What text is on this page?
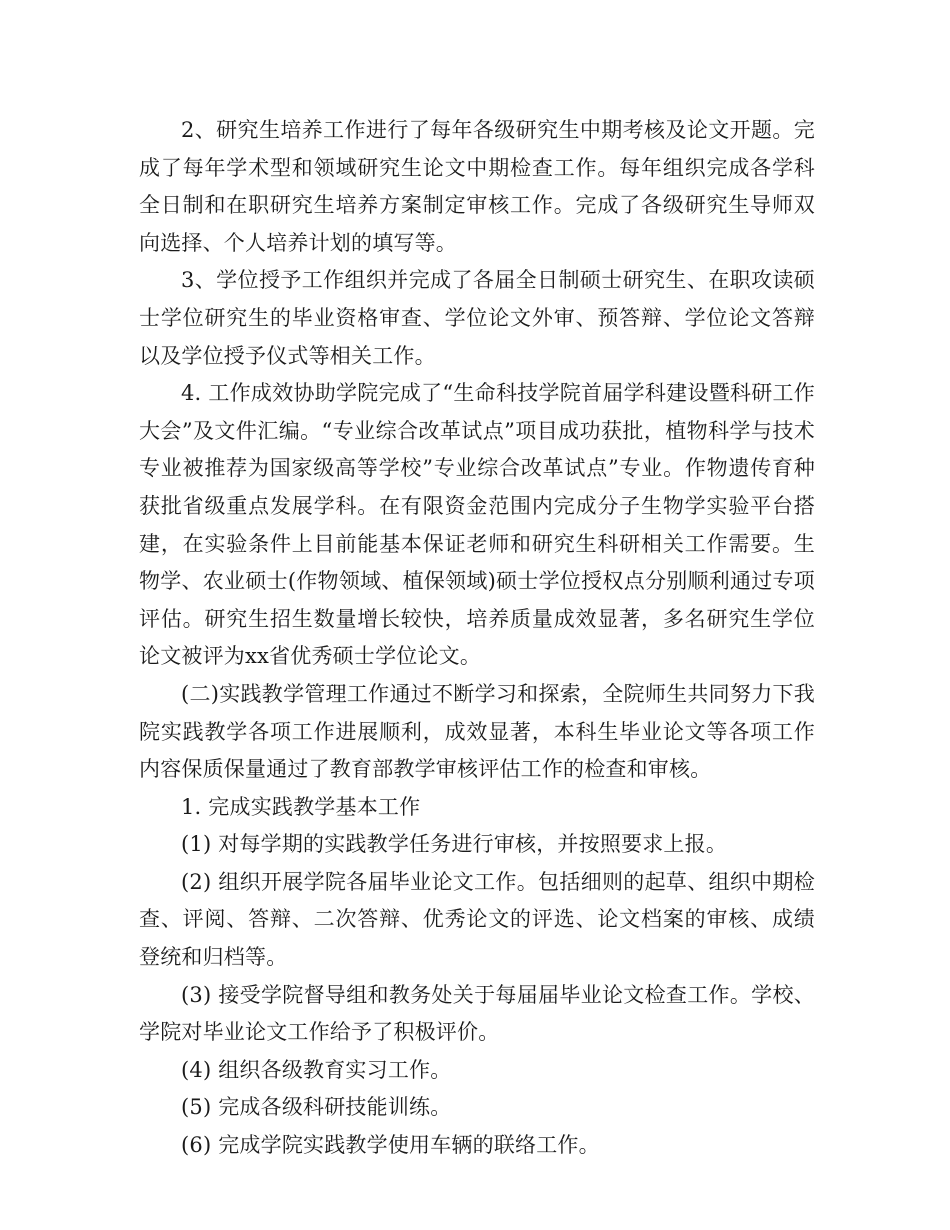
2、研究生培养工作进行了每年各级研究生中期考核及论文开题。完成了每年学术型和领域研究生论文中期检查工作。每年组织完成各学科全日制和在职研究生培养方案制定审核工作。完成了各级研究生导师双向选择、个人培养计划的填写等。

3、学位授予工作组织并完成了各届全日制硕士研究生、在职攻读硕士学位研究生的毕业资格审查、学位论文外审、预答辩、学位论文答辩以及学位授予仪式等相关工作。

4. 工作成效协助学院完成了“生命科技学院首届学科建设暨科研工作大会”及文件汇编。“专业综合改革试点”项目成功获批，植物科学与技术专业被推荐为国家级高等学校”专业综合改革试点”专业。作物遗传育种获批省级重点发展学科。在有限资金范围内完成分子生物学实验平台搭建，在实验条件上目前能基本保证老师和研究生科研相关工作需要。生物学、农业硕士(作物领域、植保领域)硕士学位授权点分别顺利通过专项评估。研究生招生数量增长较快，培养质量成效显著，多名研究生学位论文被评为xx省优秀硕士学位论文。

(二)实践教学管理工作通过不断学习和探索，全院师生共同努力下我院实践教学各项工作进展顺利，成效显著，本科生毕业论文等各项工作内容保质保量通过了教育部教学审核评估工作的检查和审核。

1. 完成实践教学基本工作

(1) 对每学期的实践教学任务进行审核，并按照要求上报。

(2) 组织开展学院各届毕业论文工作。包括细则的起草、组织中期检查、评阅、答辩、二次答辩、优秀论文的评选、论文档案的审核、成绩登统和归档等。

(3) 接受学院督导组和教务处关于每届届毕业论文检查工作。学校、学院对毕业论文工作给予了积极评价。

(4) 组织各级教育实习工作。

(5) 完成各级科研技能训练。

(6) 完成学院实践教学使用车辆的联络工作。
